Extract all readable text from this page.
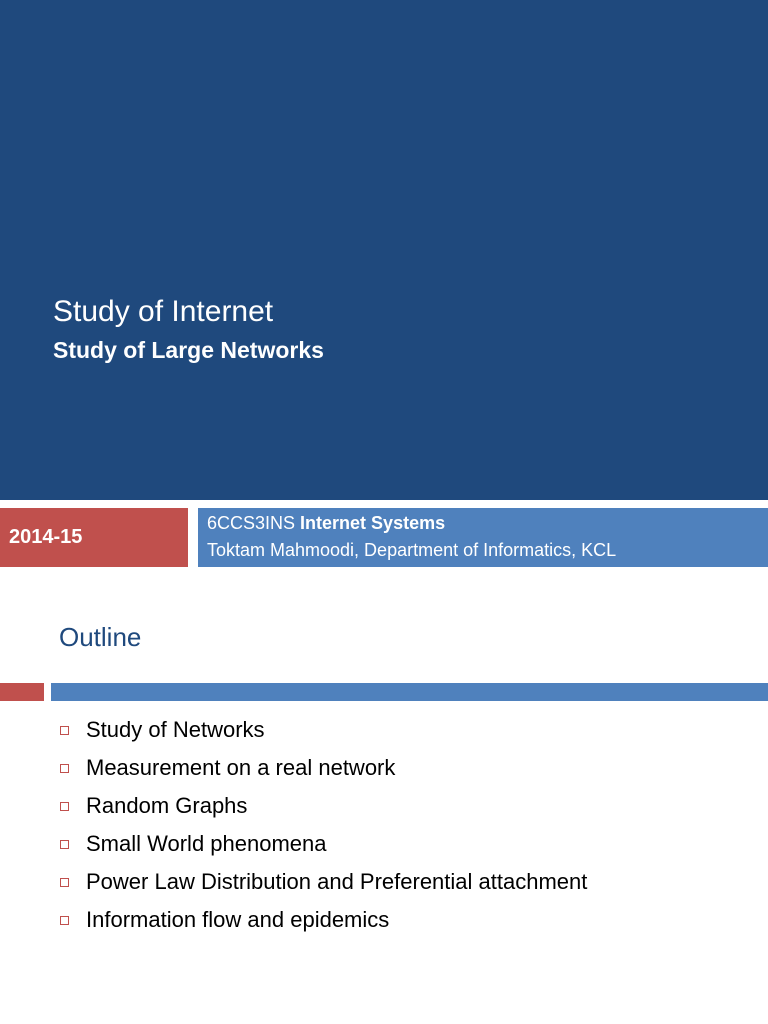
Study of Internet
Study of Large Networks
2014-15
6CCS3INS Internet Systems
Toktam Mahmoodi, Department of Informatics, KCL
Outline
Study of Networks
Measurement on a real network
Random Graphs
Small World phenomena
Power Law Distribution and Preferential attachment
Information flow and epidemics
